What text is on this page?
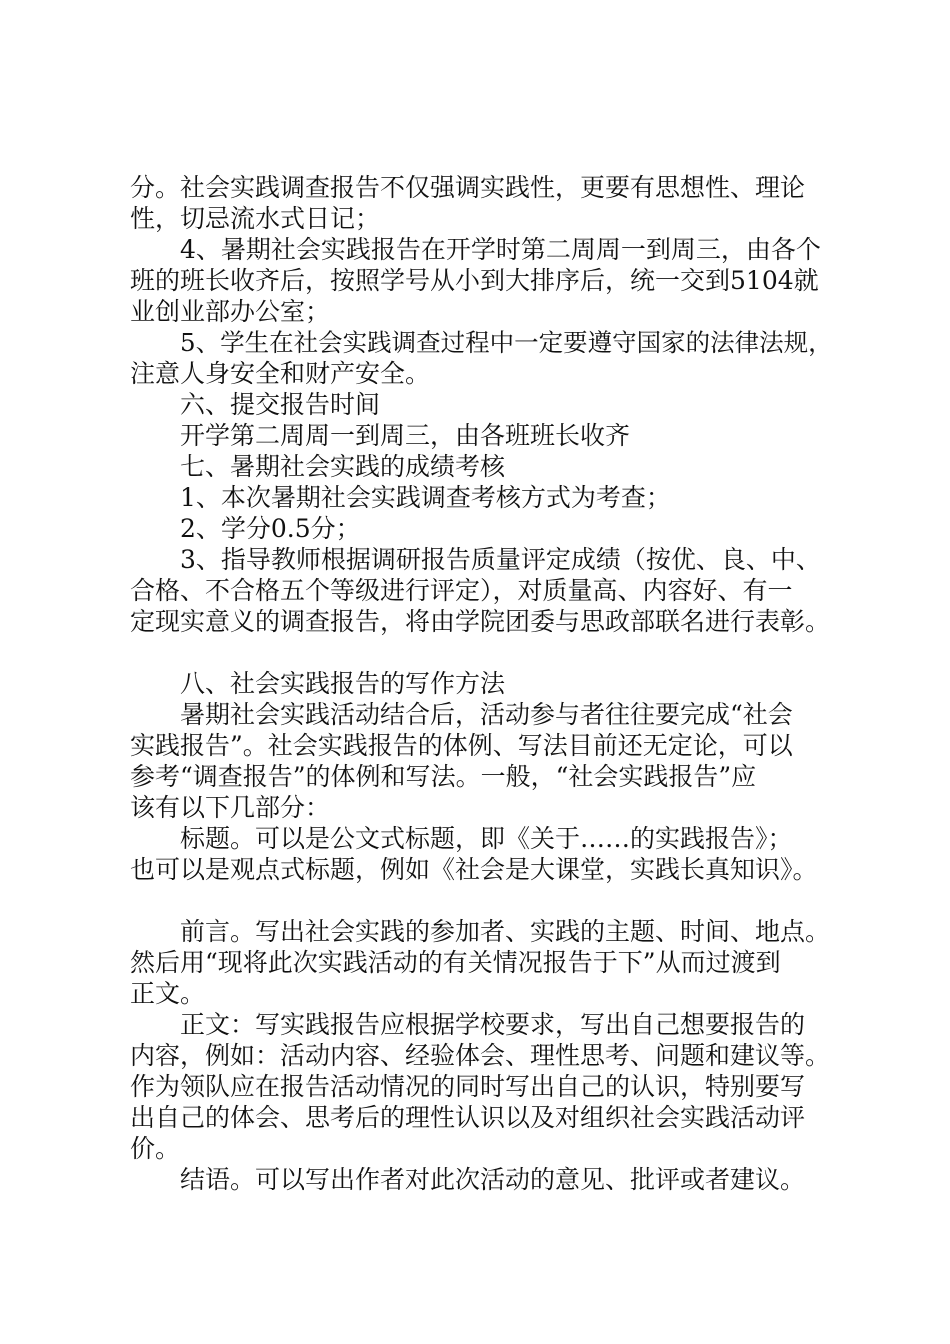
分。社会实践调查报告不仅强调实践性，更要有思想性、理论
性，切忌流水式日记；
4、暑期社会实践报告在开学时第二周周一到周三，由各个
班的班长收齐后，按照学号从小到大排序后，统一交到5104就
业创业部办公室；
5、学生在社会实践调查过程中一定要遵守国家的法律法规，
注意人身安全和财产安全。
六、提交报告时间
开学第二周周一到周三，由各班班长收齐
七、暑期社会实践的成绩考核
1、本次暑期社会实践调查考核方式为考查；
2、学分0.5分；
3、指导教师根据调研报告质量评定成绩（按优、良、中、
合格、不合格五个等级进行评定），对质量高、内容好、有一
定现实意义的调查报告，将由学院团委与思政部联名进行表彰。
八、社会实践报告的写作方法
暑期社会实践活动结合后，活动参与者往往要完成“社会
实践报告”。社会实践报告的体例、写法目前还无定论，可以
参考“调查报告”的体例和写法。一般，“社会实践报告”应
该有以下几部分：
标题。可以是公文式标题，即《关于……的实践报告》；
也可以是观点式标题，例如《社会是大课堂，实践长真知识》。
前言。写出社会实践的参加者、实践的主题、时间、地点。
然后用“现将此次实践活动的有关情况报告于下”从而过渡到
正文。
正文：写实践报告应根据学校要求，写出自己想要报告的
内容，例如：活动内容、经验体会、理性思考、问题和建议等。
作为领队应在报告活动情况的同时写出自己的认识，特别要写
出自己的体会、思考后的理性认识以及对组织社会实践活动评
价。
结语。可以写出作者对此次活动的意见、批评或者建议。
